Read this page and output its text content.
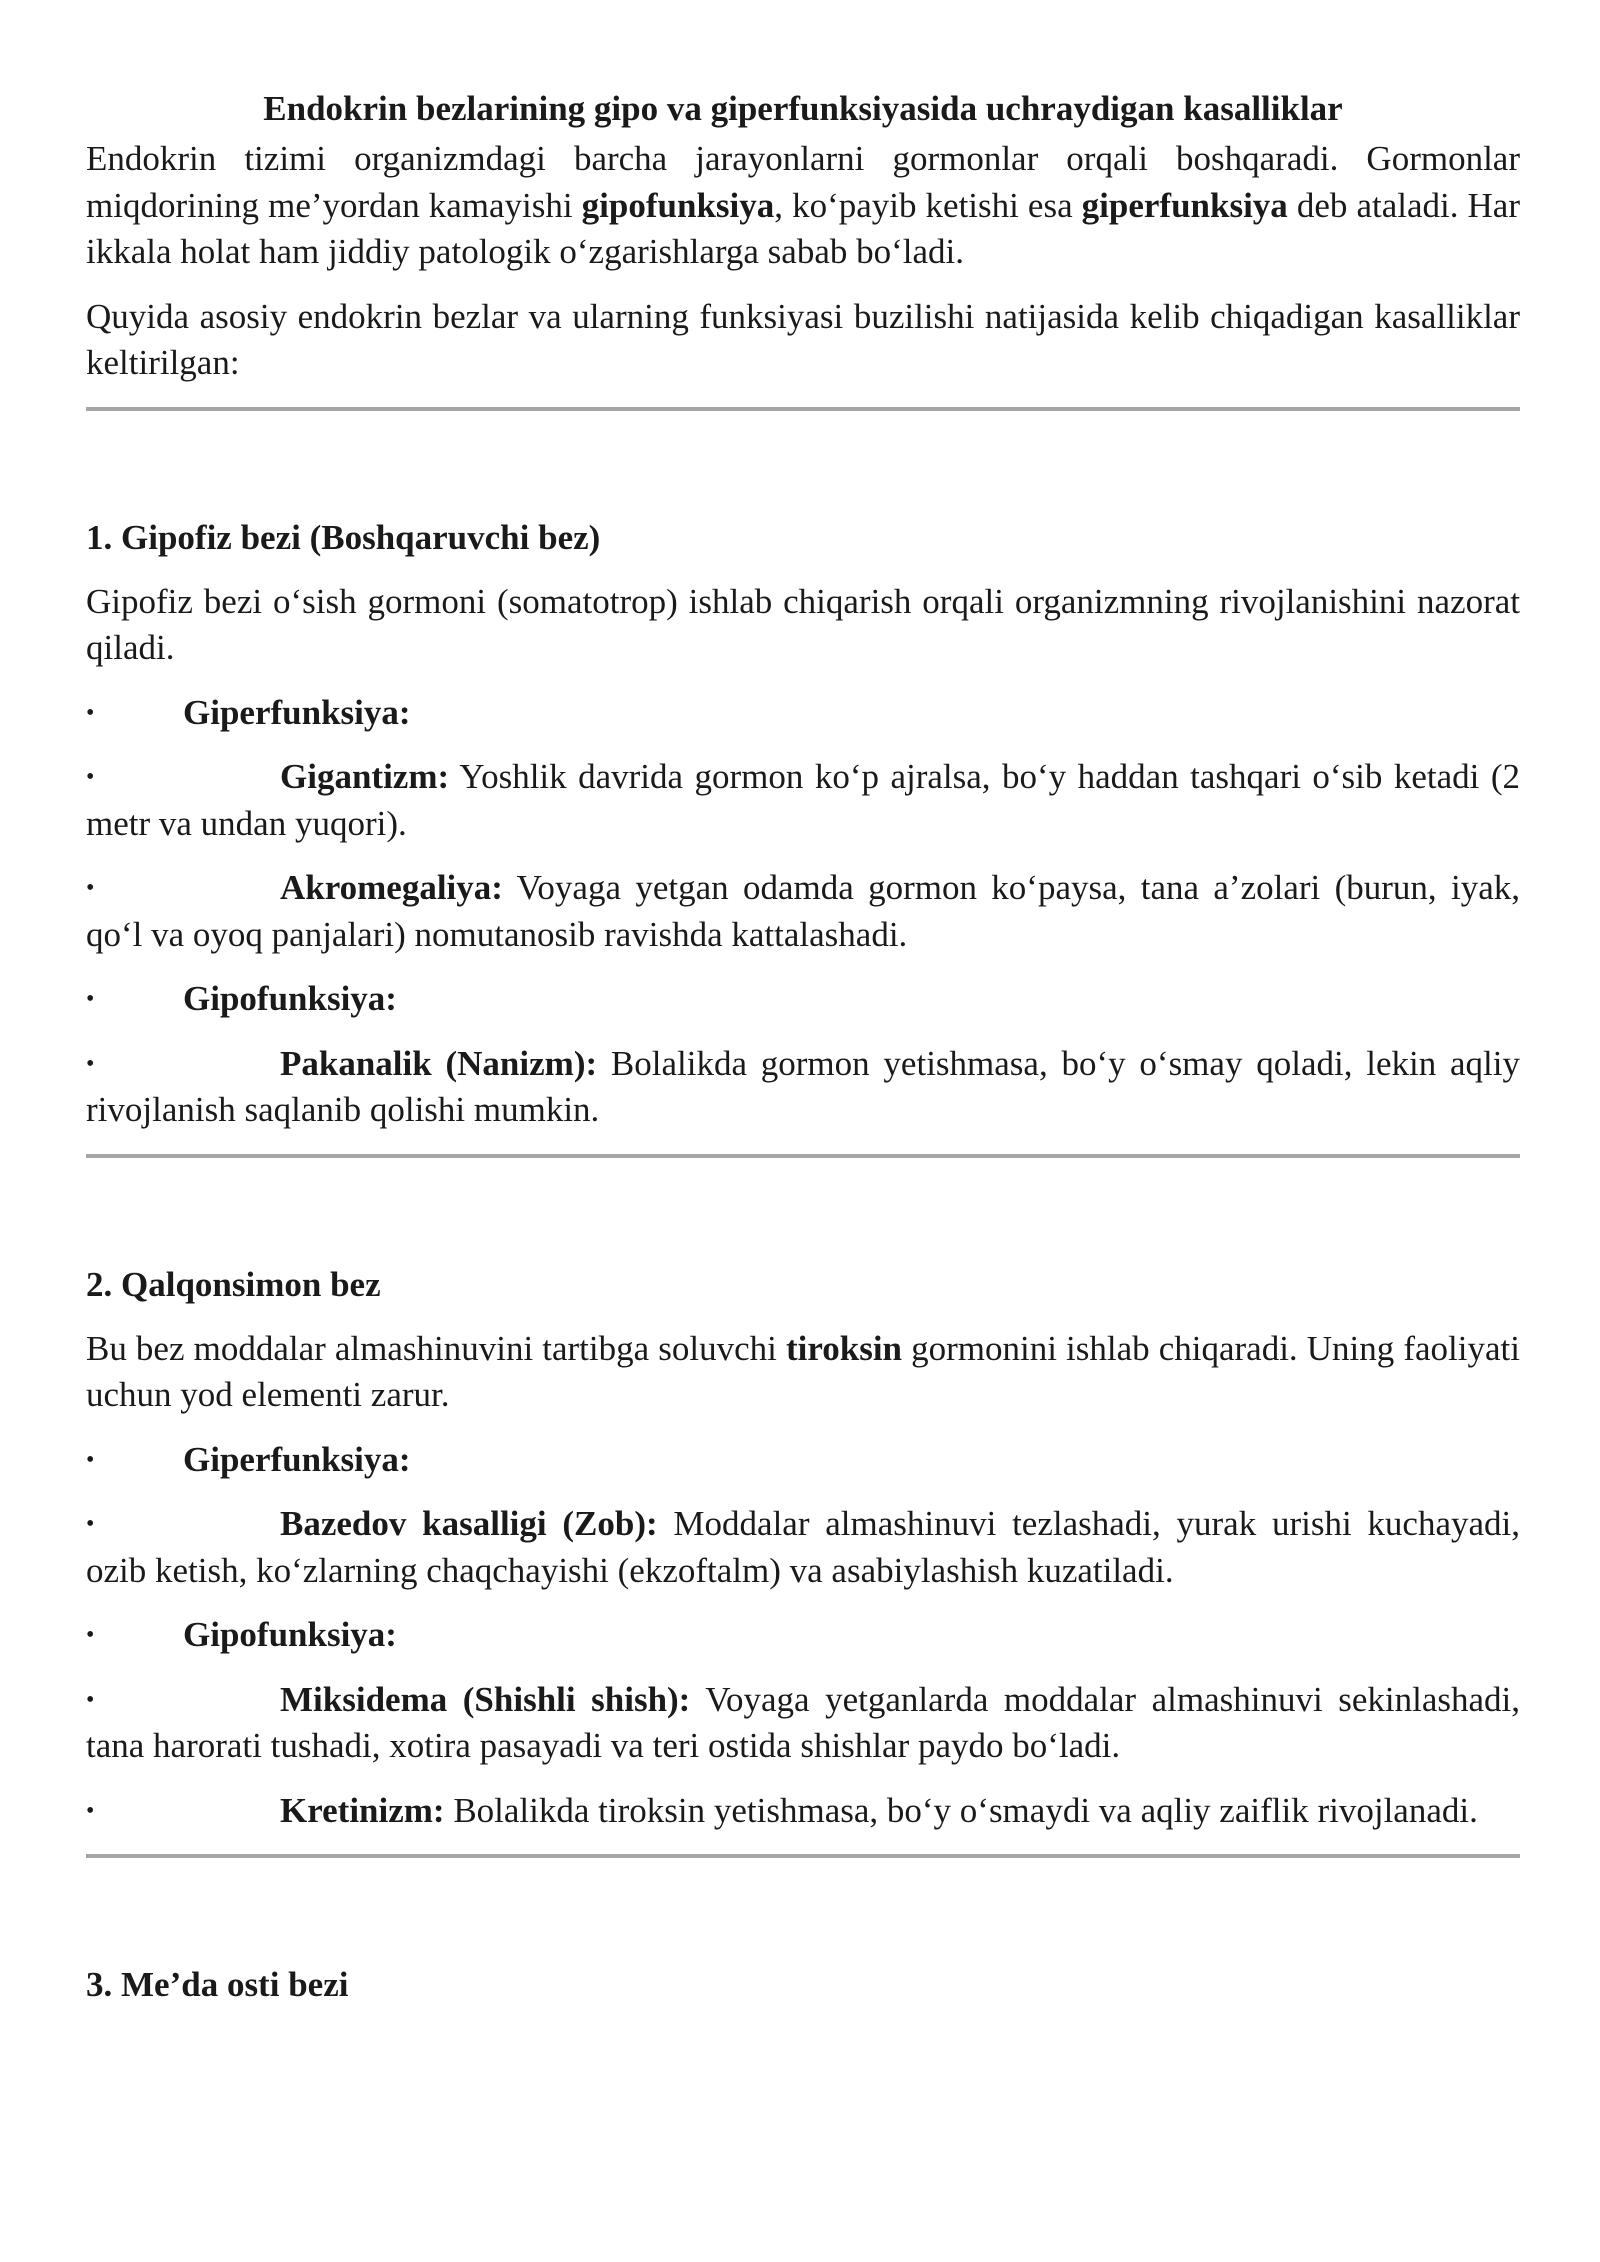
Endokrin bezlarining gipo va giperfunksiyasida uchraydigan kasalliklar

Endokrin tizimi organizmdagi barcha jarayonlarni gormonlar orqali boshqaradi. Gormonlar miqdorining me’yordan kamayishi gipofunksiya, ko‘payib ketishi esa giperfunksiya deb ataladi. Har ikkala holat ham jiddiy patologik o‘zgarishlarga sabab bo‘ladi.

Quyida asosiy endokrin bezlar va ularning funksiyasi buzilishi natijasida kelib chiqadigan kasalliklar keltirilgan:

1. Gipofiz bezi (Boshqaruvchi bez)

Gipofiz bezi o‘sish gormoni (somatotrop) ishlab chiqarish orqali organizmning rivojlanishini nazorat qiladi.

•	Giperfunksiya:
•	Gigantizm: Yoshlik davrida gormon ko‘p ajralsa, bo‘y haddan tashqari o‘sib ketadi (2 metr va undan yuqori).
•	Akromegaliya: Voyaga yetgan odamda gormon ko‘paysa, tana a’zolari (burun, iyak, qo‘l va oyoq panjalari) nomutanosib ravishda kattalashadi.
•	Gipofunksiya:
•	Pakanalik (Nanizm): Bolalikda gormon yetishmasa, bo‘y o‘smay qoladi, lekin aqliy rivojlanish saqlanib qolishi mumkin.
2. Qalqonsimon bez

Bu bez moddalar almashinuvini tartibga soluvchi tiroksin gormonini ishlab chiqaradi. Uning faoliyati uchun yod elementi zarur.

•	Giperfunksiya:
•	Bazedov kasalligi (Zob): Moddalar almashinuvi tezlashadi, yurak urishi kuchayadi, ozib ketish, ko‘zlarning chaqchayishi (ekzoftalm) va asabiylashish kuzatiladi.
•	Gipofunksiya:
•	Miksidema (Shishli shish): Voyaga yetganlarda moddalar almashinuvi sekinlashadi, tana harorati tushadi, xotira pasayadi va teri ostida shishlar paydo bo‘ladi.
•	Kretinizm: Bolalikda tiroksin yetishmasa, bo‘y o‘smaydi va aqliy zaiflik rivojlanadi.
3. Me’da osti bezi
